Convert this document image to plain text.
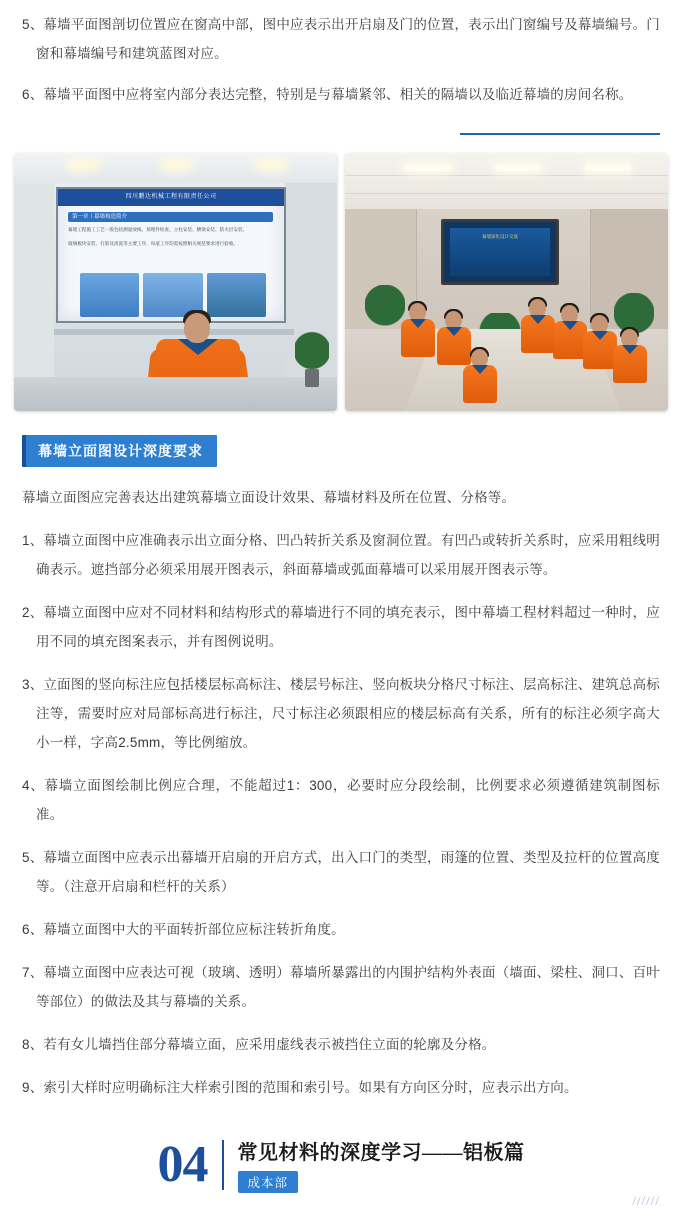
5、幕墙平面图剖切位置应在窗高中部，图中应表示出开启扇及门的位置，表示出门窗编号及幕墙编号。门窗和幕墙编号和建筑蓝图对应。

6、幕墙平面图中应将室内部分表达完整，特别是与幕墙紧邻、相关的隔墙以及临近幕墙的房间名称。

四川鹏达机械工程有限责任公司
第一章丨幕墙构造简介
幕墙工程施工工艺一般包括测量放线、预埋件检查、立柱安装、横梁安装、防火层安装、
玻璃板块安装、打胶及清洗等主要工序，每道工序均需按照相关规范要求进行验收。
幕墙深化设计交底
幕墙立面图设计深度要求

幕墙立面图应完善表达出建筑幕墙立面设计效果、幕墙材料及所在位置、分格等。

1、幕墙立面图中应准确表示出立面分格、凹凸转折关系及窗洞位置。有凹凸或转折关系时，应采用粗线明确表示。遮挡部分必须采用展开图表示，斜面幕墙或弧面幕墙可以采用展开图表示等。

2、幕墙立面图中应对不同材料和结构形式的幕墙进行不同的填充表示，图中幕墙工程材料超过一种时，应用不同的填充图案表示，并有图例说明。

3、立面图的竖向标注应包括楼层标高标注、楼层号标注、竖向板块分格尺寸标注、层高标注、建筑总高标注等，需要时应对局部标高进行标注，尺寸标注必须跟相应的楼层标高有关系，所有的标注必须字高大小一样，字高2.5mm，等比例缩放。

4、幕墙立面图绘制比例应合理，不能超过1：300，必要时应分段绘制，比例要求必须遵循建筑制图标准。

5、幕墙立面图中应表示出幕墙开启扇的开启方式，出入口门的类型，雨篷的位置、类型及拉杆的位置高度等。（注意开启扇和栏杆的关系）

6、幕墙立面图中大的平面转折部位应标注转折角度。

7、幕墙立面图中应表达可视（玻璃、透明）幕墙所暴露出的内围护结构外表面（墙面、梁柱、洞口、百叶等部位）的做法及其与幕墙的关系。

8、若有女儿墙挡住部分幕墙立面，应采用虚线表示被挡住立面的轮廓及分格。

9、索引大样时应明确标注大样索引图的范围和索引号。如果有方向区分时，应表示出方向。

04 常见材料的深度学习——铝板篇
成本部
//////
